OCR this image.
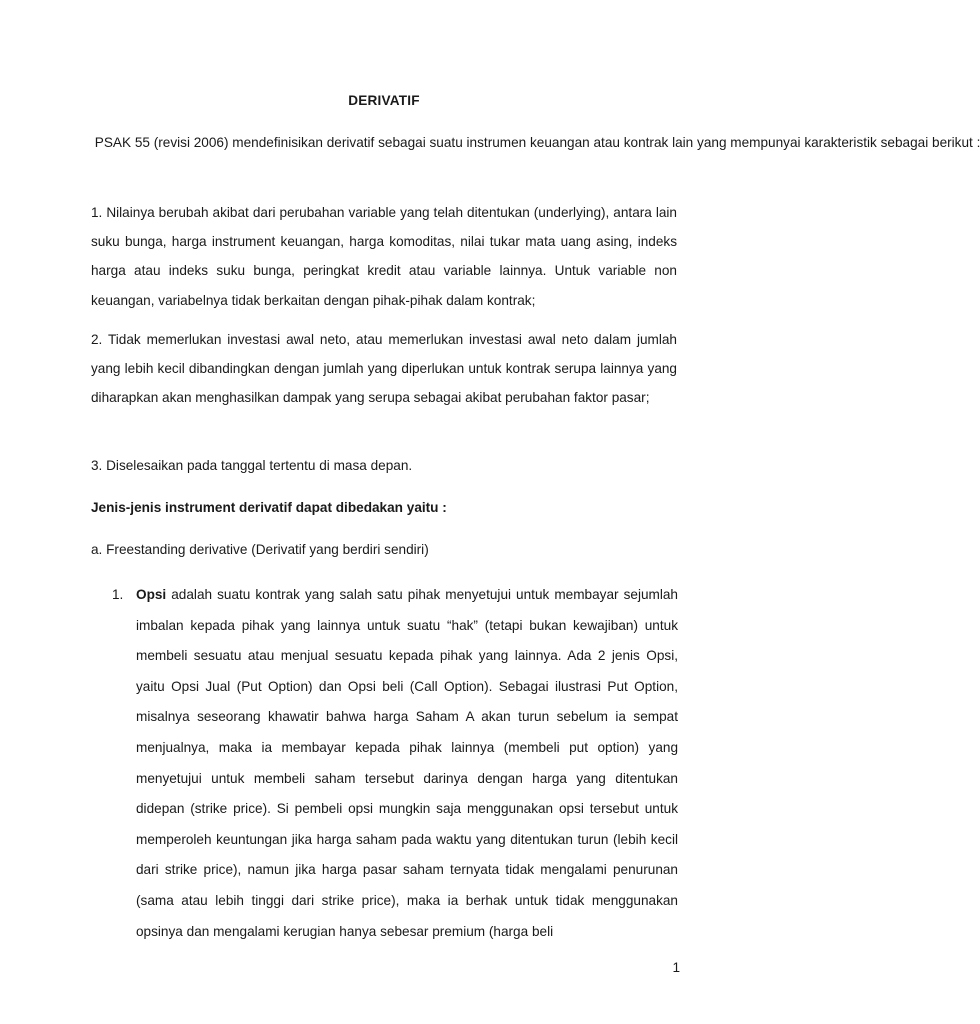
DERIVATIF

PSAK 55 (revisi 2006) mendefinisikan derivatif sebagai suatu instrumen keuangan atau kontrak lain yang mempunyai karakteristik sebagai berikut :

1. Nilainya berubah akibat dari perubahan variable yang telah ditentukan (underlying), antara lain suku bunga, harga instrument keuangan, harga komoditas, nilai tukar mata uang asing, indeks harga atau indeks suku bunga, peringkat kredit atau variable lainnya. Untuk variable non keuangan, variabelnya tidak berkaitan dengan pihak-pihak dalam kontrak;

2. Tidak memerlukan investasi awal neto, atau memerlukan investasi awal neto dalam jumlah yang lebih kecil dibandingkan dengan jumlah yang diperlukan untuk kontrak serupa lainnya yang diharapkan akan menghasilkan dampak yang serupa sebagai akibat perubahan faktor pasar;

3. Diselesaikan pada tanggal tertentu di masa depan.

Jenis-jenis instrument derivatif dapat dibedakan yaitu :

a. Freestanding derivative (Derivatif yang berdiri sendiri)

1. Opsi adalah suatu kontrak yang salah satu pihak menyetujui untuk membayar sejumlah imbalan kepada pihak yang lainnya untuk suatu “hak” (tetapi bukan kewajiban) untuk membeli sesuatu atau menjual sesuatu kepada pihak yang lainnya. Ada 2 jenis Opsi, yaitu Opsi Jual (Put Option) dan Opsi beli (Call Option). Sebagai ilustrasi Put Option, misalnya seseorang khawatir bahwa harga Saham A akan turun sebelum ia sempat menjualnya, maka ia membayar kepada pihak lainnya (membeli put option) yang menyetujui untuk membeli saham tersebut darinya dengan harga yang ditentukan didepan (strike price). Si pembeli opsi mungkin saja menggunakan opsi tersebut untuk memperoleh keuntungan jika harga saham pada waktu yang ditentukan turun (lebih kecil dari strike price), namun jika harga pasar saham ternyata tidak mengalami penurunan (sama atau lebih tinggi dari strike price), maka ia berhak untuk tidak menggunakan opsinya dan mengalami kerugian hanya sebesar premium (harga beli

1
